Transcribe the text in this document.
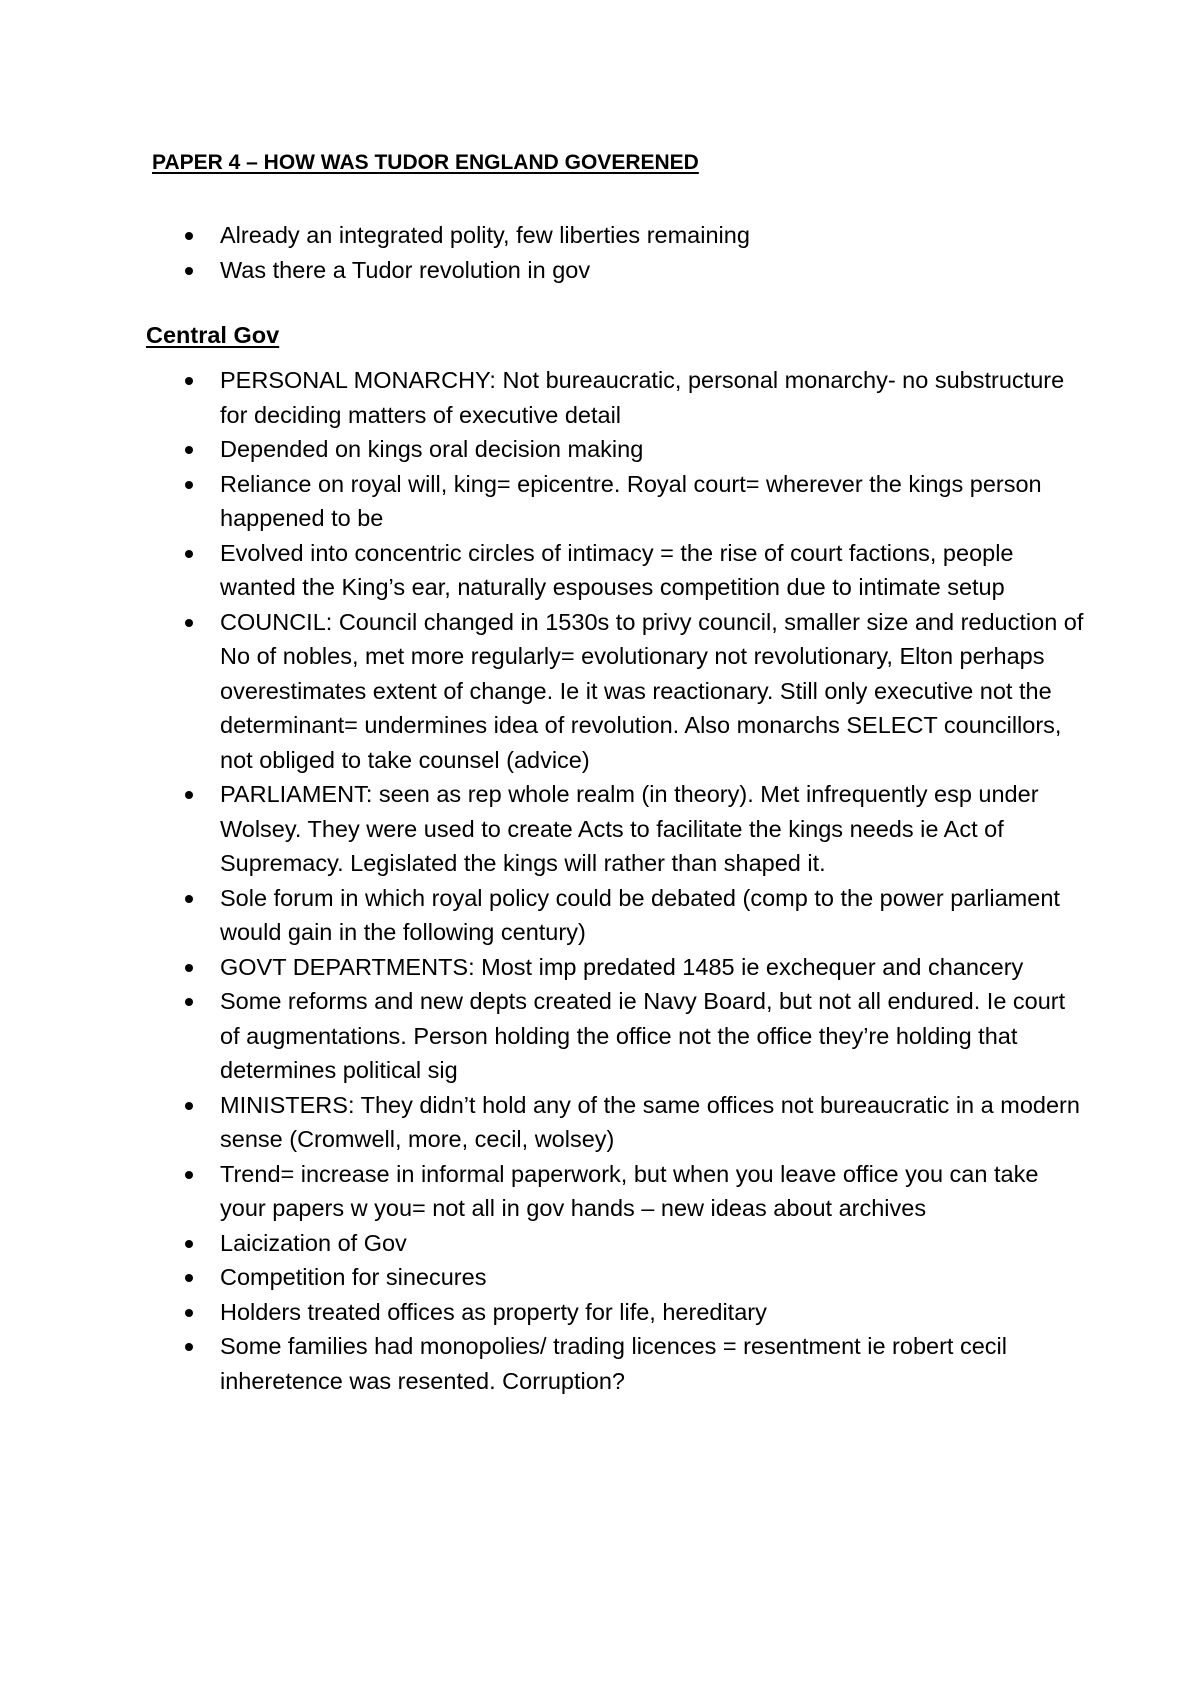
PAPER 4 – HOW WAS TUDOR ENGLAND GOVERENED
Already an integrated polity, few liberties remaining
Was there a Tudor revolution in gov
Central Gov
PERSONAL MONARCHY: Not bureaucratic, personal monarchy- no substructure for deciding matters of executive detail
Depended on kings oral decision making
Reliance on royal will, king= epicentre. Royal court= wherever the kings person happened to be
Evolved into concentric circles of intimacy = the rise of court factions, people wanted the King’s ear, naturally espouses competition due to intimate setup
COUNCIL: Council changed in 1530s to privy council, smaller size and reduction of No of nobles, met more regularly= evolutionary not revolutionary, Elton perhaps overestimates extent of change. Ie it was reactionary. Still only executive not the determinant= undermines idea of revolution. Also monarchs SELECT councillors, not obliged to take counsel (advice)
PARLIAMENT: seen as rep whole realm (in theory). Met infrequently esp under Wolsey. They were used to create Acts to facilitate the kings needs ie Act of Supremacy. Legislated the kings will rather than shaped it.
Sole forum in which royal policy could be debated (comp to the power parliament would gain in the following century)
GOVT DEPARTMENTS: Most imp predated 1485 ie exchequer and chancery
Some reforms and new depts created ie Navy Board, but not all endured. Ie court of augmentations. Person holding the office not the office they’re holding that determines political sig
MINISTERS: They didn’t hold any of the same offices not bureaucratic in a modern sense (Cromwell, more, cecil, wolsey)
Trend= increase in informal paperwork, but when you leave office you can take your papers w you= not all in gov hands – new ideas about archives
Laicization of Gov
Competition for sinecures
Holders treated offices as property for life, hereditary
Some families had monopolies/ trading licences = resentment ie robert cecil inheretence was resented. Corruption?
